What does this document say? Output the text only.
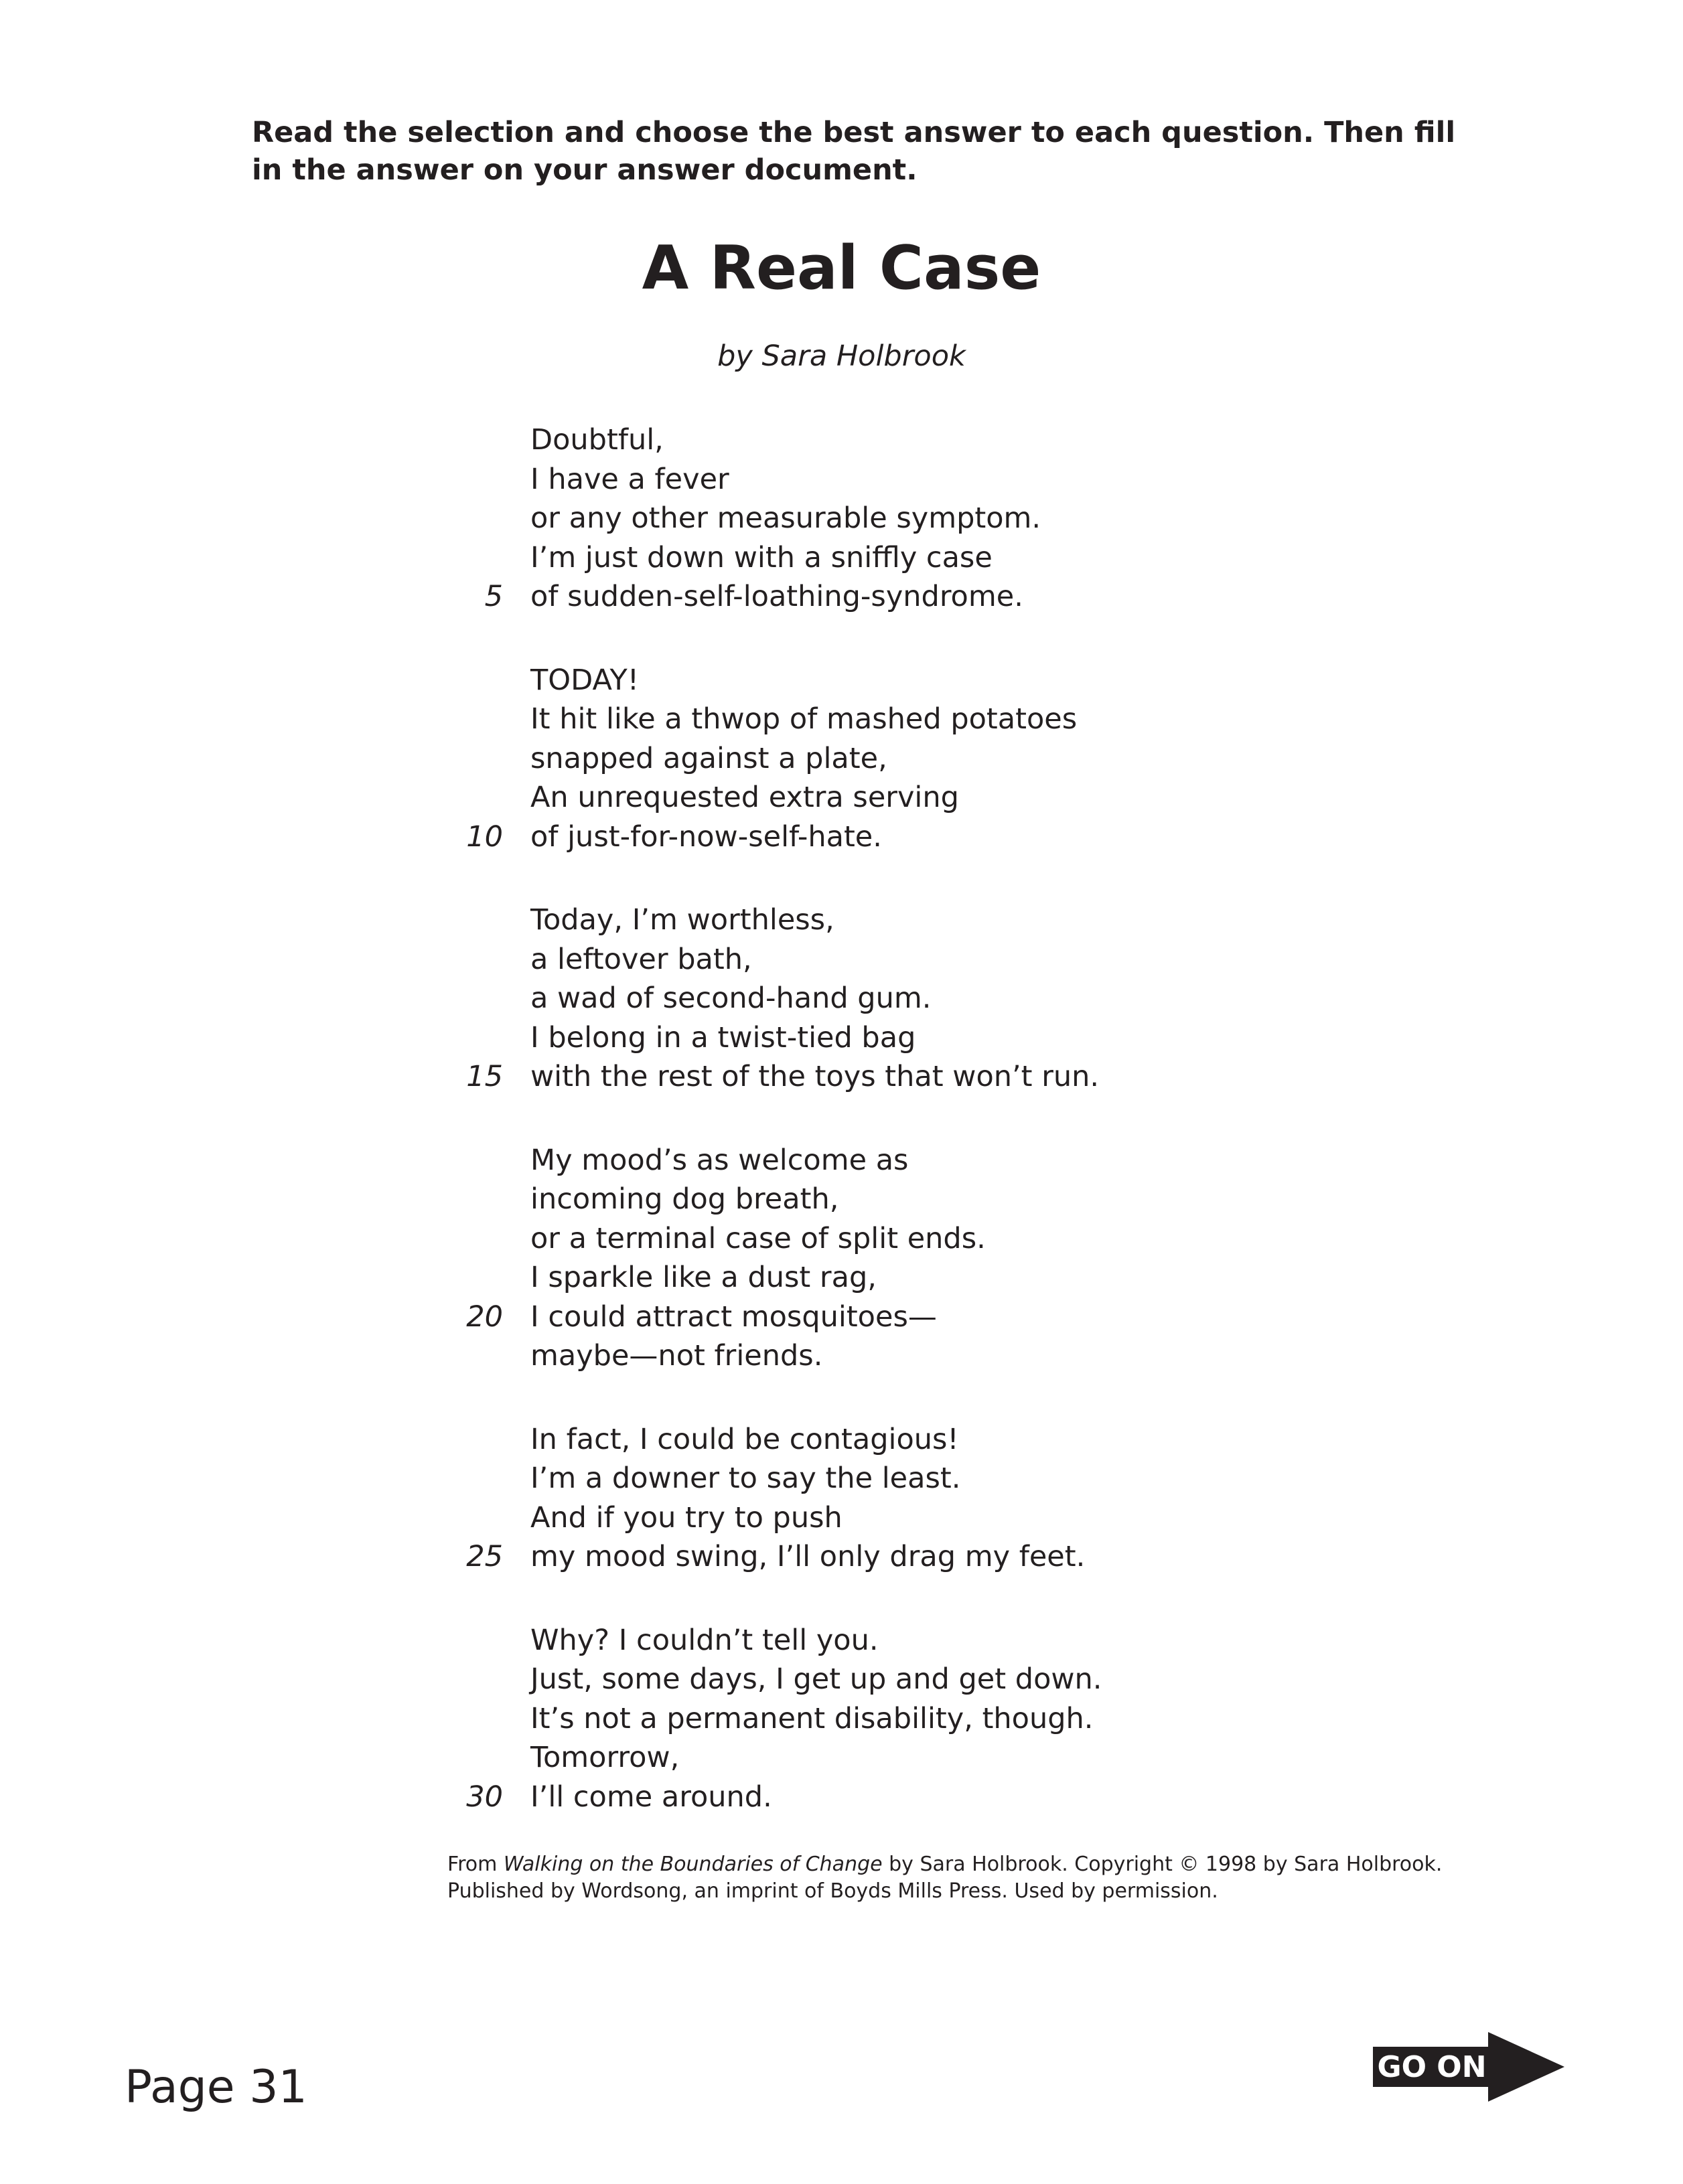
Read the selection and choose the best answer to each question. Then fill
in the answer on your answer document.
A Real Case
by Sara Holbrook
Doubtful,
I have a fever
or any other measurable symptom.
I’m just down with a sniffly case
5 of sudden-self-loathing-syndrome.
TODAY!
It hit like a thwop of mashed potatoes
snapped against a plate,
An unrequested extra serving
10 of just-for-now-self-hate.
Today, I’m worthless,
a leftover bath,
a wad of second-hand gum.
I belong in a twist-tied bag
15 with the rest of the toys that won’t run.
My mood’s as welcome as
incoming dog breath,
or a terminal case of split ends.
I sparkle like a dust rag,
20 I could attract mosquitoes—
maybe—not friends.
In fact, I could be contagious!
I’m a downer to say the least.
And if you try to push
25 my mood swing, I’ll only drag my feet.
Why? I couldn’t tell you.
Just, some days, I get up and get down.
It’s not a permanent disability, though.
Tomorrow,
30 I’ll come around.
From Walking on the Boundaries of Change by Sara Holbrook. Copyright © 1998 by Sara Holbrook.
Published by Wordsong, an imprint of Boyds Mills Press. Used by permission.
Page 31	GO ON
